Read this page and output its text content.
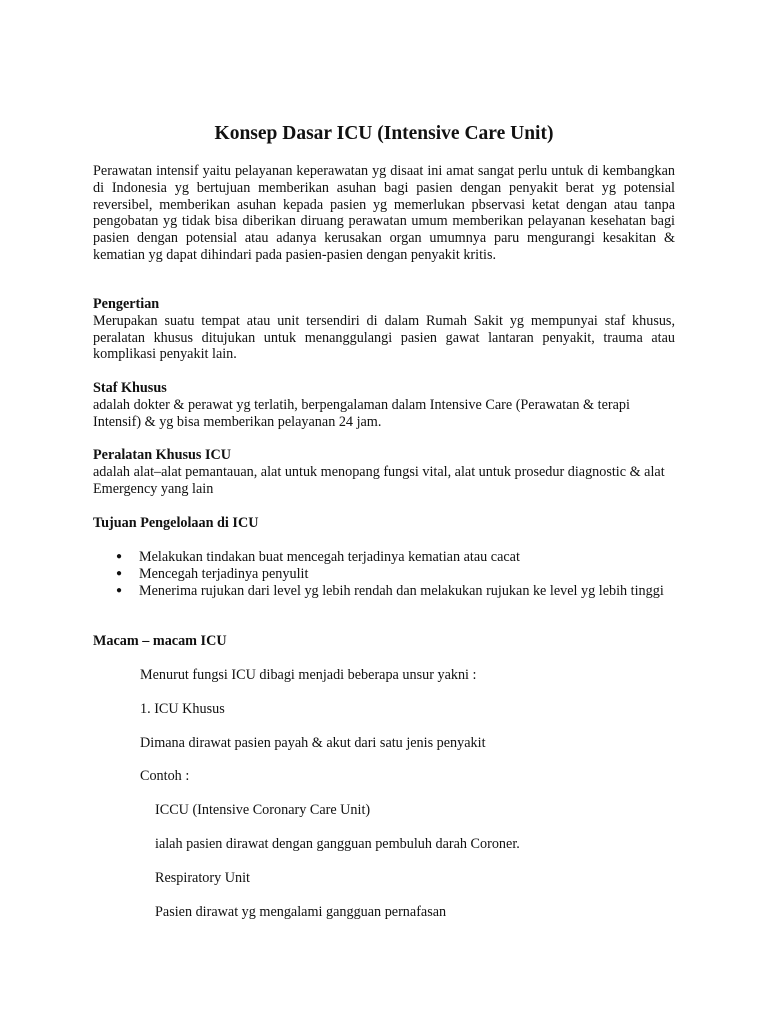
Konsep Dasar ICU (Intensive Care Unit)

Perawatan intensif yaitu pelayanan keperawatan yg disaat ini amat sangat perlu untuk di kembangkan di Indonesia yg bertujuan memberikan asuhan bagi pasien dengan penyakit berat yg potensial reversibel, memberikan asuhan kepada pasien yg memerlukan pbservasi ketat dengan atau tanpa pengobatan yg tidak bisa diberikan diruang perawatan umum memberikan pelayanan kesehatan bagi pasien dengan potensial atau adanya kerusakan organ umumnya paru mengurangi kesakitan & kematian yg dapat dihindari pada pasien-pasien dengan penyakit kritis.

Pengertian

Merupakan suatu tempat atau unit tersendiri di dalam Rumah Sakit yg mempunyai staf khusus, peralatan khusus ditujukan untuk menanggulangi pasien gawat lantaran penyakit, trauma atau komplikasi penyakit lain.

Staf Khusus

adalah dokter & perawat yg terlatih, berpengalaman dalam Intensive Care (Perawatan & terapi Intensif) & yg bisa memberikan pelayanan 24 jam.

Peralatan Khusus ICU

adalah alat–alat pemantauan, alat untuk menopang fungsi vital, alat untuk prosedur diagnostic & alat Emergency yang lain

Tujuan Pengelolaan di ICU

● Melakukan tindakan buat mencegah terjadinya kematian atau cacat
● Mencegah terjadinya penyulit
● Menerima rujukan dari level yg lebih rendah dan melakukan rujukan ke level yg lebih tinggi

Macam – macam ICU

Menurut fungsi ICU dibagi menjadi beberapa unsur yakni :

1. ICU Khusus

Dimana dirawat pasien payah & akut dari satu jenis penyakit

Contoh :

ICCU (Intensive Coronary Care Unit)

ialah pasien dirawat dengan gangguan pembuluh darah Coroner.

Respiratory Unit

Pasien dirawat yg mengalami gangguan pernafasan
